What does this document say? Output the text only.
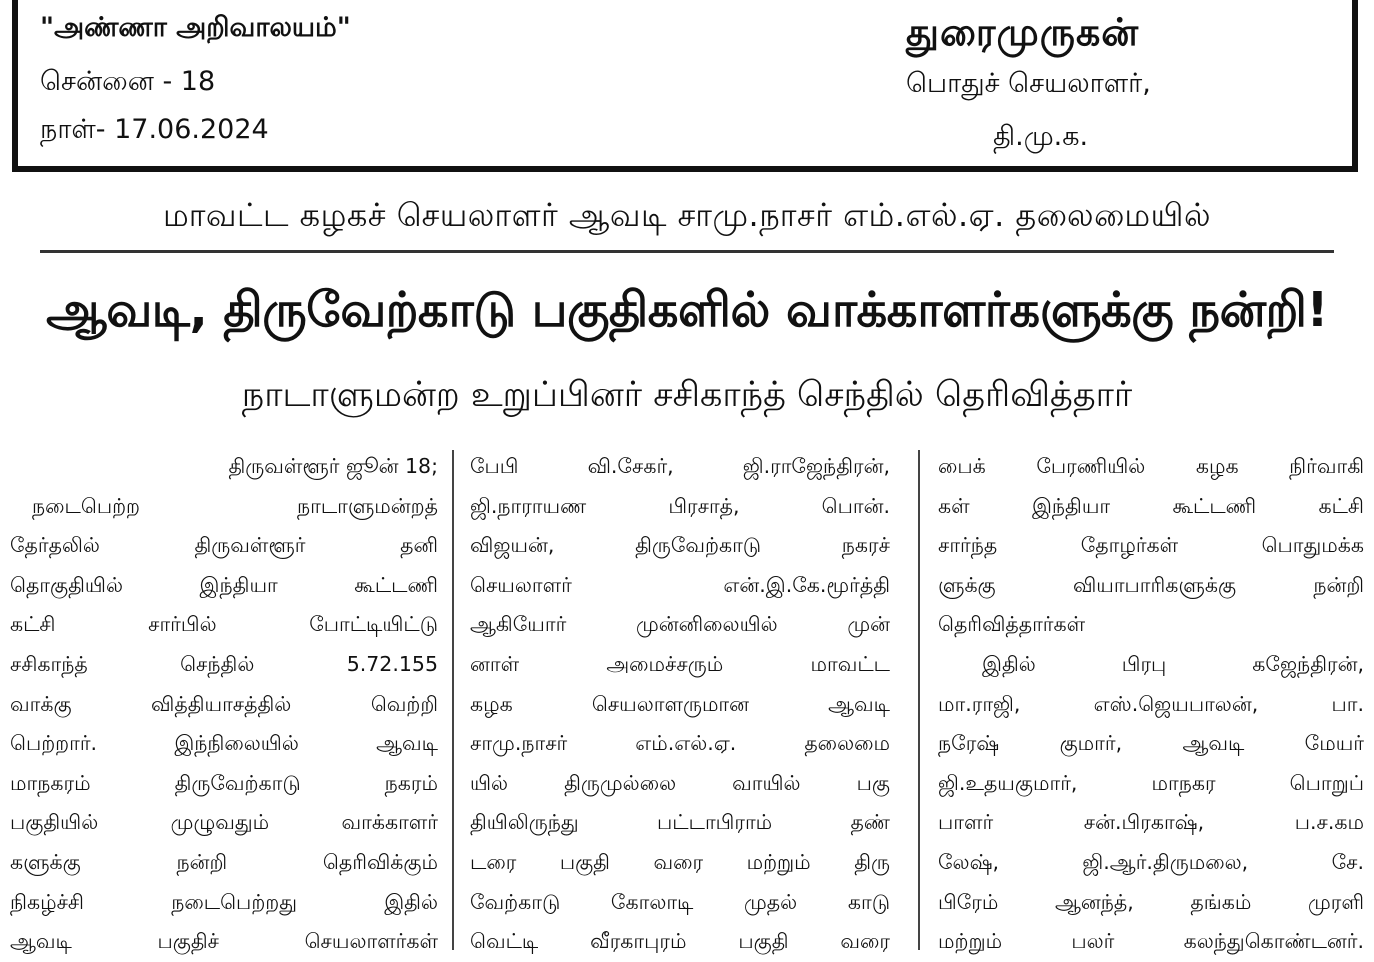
"அண்ணா அறிவாலயம்"
சென்னை - 18
நாள்- 17.06.2024
துரைமுருகன்
பொதுச் செயலாளர்,
தி.மு.க.
மாவட்ட கழகச் செயலாளர் ஆவடி சாமு.நாசர் எம்.எல்.ஏ. தலைமையில்
ஆவடி, திருவேற்காடு பகுதிகளில் வாக்காளர்களுக்கு நன்றி!
நாடாளுமன்ற உறுப்பினர் சசிகாந்த் செந்தில் தெரிவித்தார்
திருவள்ளூர் ஜூன் 18;
நடைபெற்ற நாடாளுமன்றத்
தேர்தலில் திருவள்ளூர் தனி
தொகுதியில் இந்தியா கூட்டணி
கட்சி சார்பில் போட்டியிட்டு
சசிகாந்த் செந்தில் 5.72.155
வாக்கு வித்தியாசத்தில் வெற்றி
பெற்றார். இந்நிலையில் ஆவடி
மாநகரம் திருவேற்காடு நகரம்
பகுதியில் முழுவதும் வாக்காளர்
களுக்கு நன்றி தெரிவிக்கும்
நிகழ்ச்சி நடைபெற்றது இதில்
ஆவடி பகுதிச் செயலாளர்கள்
பேபி வி.சேகர், ஜி.ராஜேந்திரன்,
ஜி.நாராயண பிரசாத், பொன்.
விஜயன், திருவேற்காடு நகரச்
செயலாளர் என்.இ.கே.மூர்த்தி
ஆகியோர் முன்னிலையில் முன்
னாள் அமைச்சரும் மாவட்ட
கழக செயலாளருமான ஆவடி
சாமு.நாசர் எம்.எல்.ஏ. தலைமை
யில் திருமுல்லை வாயில் பகு
தியிலிருந்து பட்டாபிராம் தண்
டரை பகுதி வரை மற்றும் திரு
வேற்காடு கோலாடி முதல் காடு
வெட்டி வீரகாபுரம் பகுதி வரை
பைக் பேரணியில் கழக நிர்வாகி
கள் இந்தியா கூட்டணி கட்சி
சார்ந்த தோழர்கள் பொதுமக்க
ளுக்கு வியாபாரிகளுக்கு நன்றி
தெரிவித்தார்கள்
இதில் பிரபு கஜேந்திரன்,
மா.ராஜி, எஸ்.ஜெயபாலன், பா.
நரேஷ் குமார், ஆவடி மேயர்
ஜி.உதயகுமார், மாநகர பொறுப்
பாளர் சன்.பிரகாஷ், ப.ச.கம
லேஷ், ஜி.ஆர்.திருமலை, சே.
பிரேம் ஆனந்த், தங்கம் முரளி
மற்றும் பலர் கலந்துகொண்டனர்.
